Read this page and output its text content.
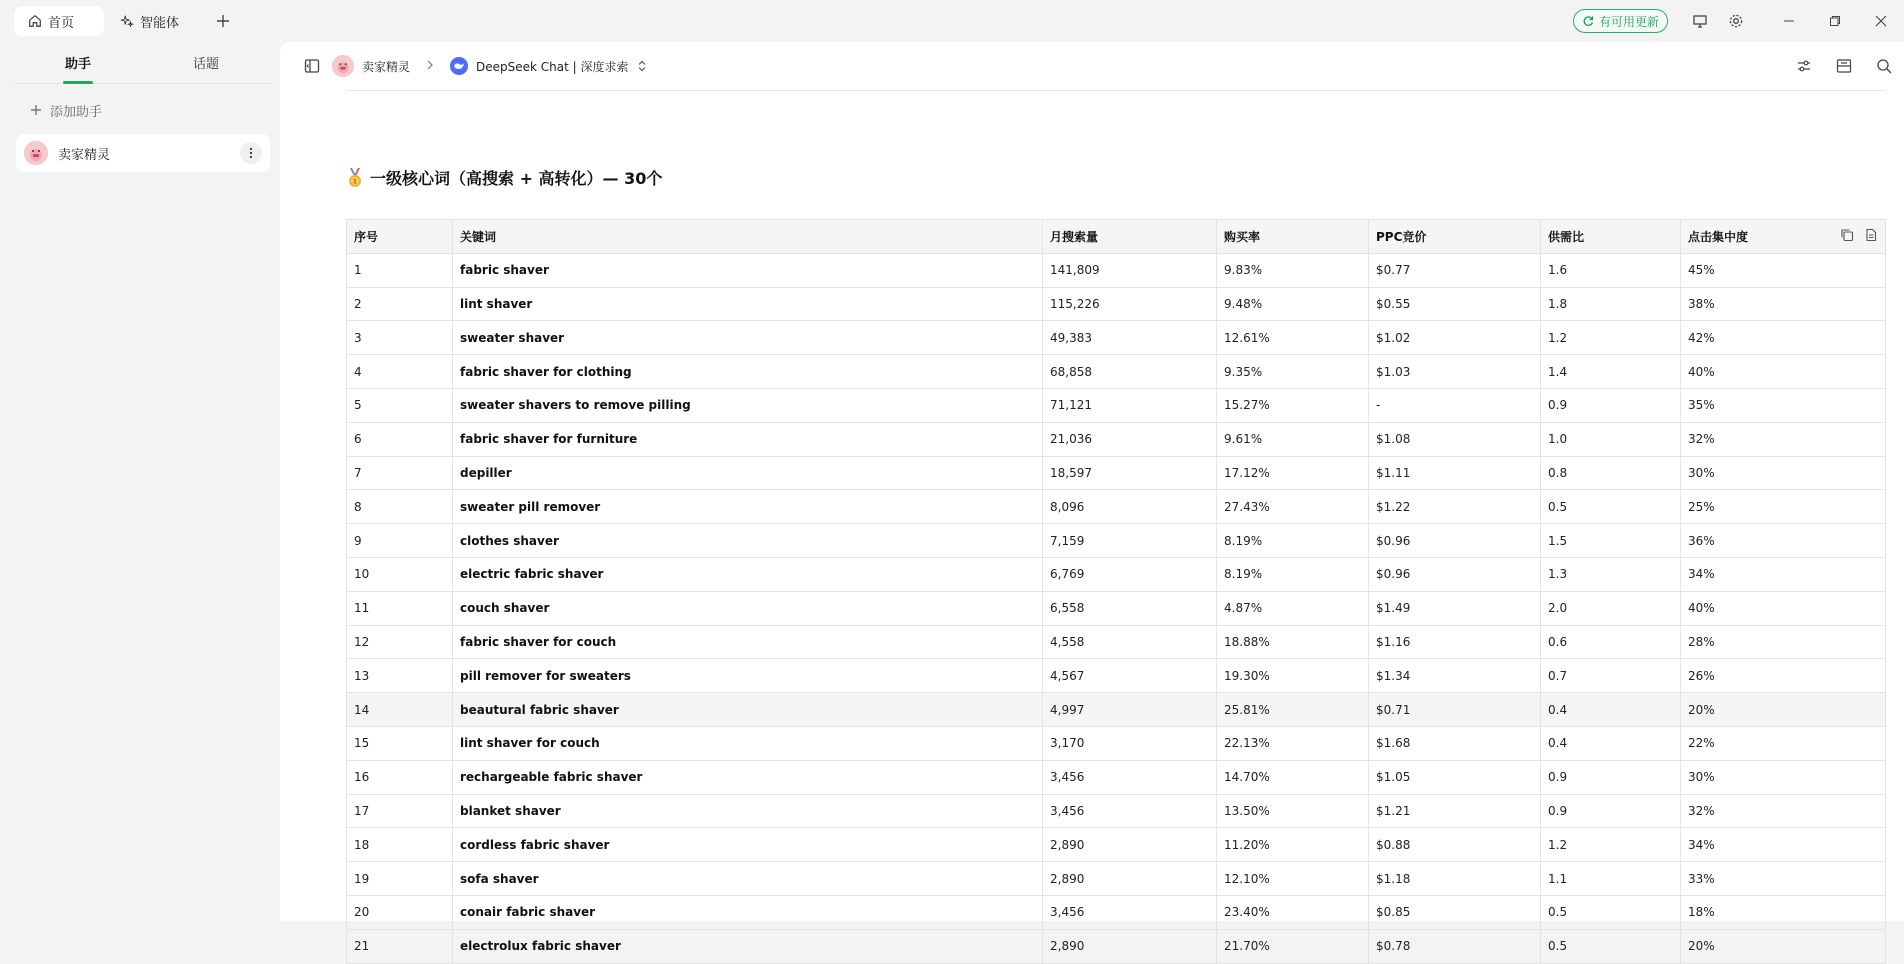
首页	智能体	有可用更新
助手	话题
添加助手
卖家精灵
卖家精灵	DeepSeek Chat | 深度求索
1 一级核心词（高搜索 + 高转化）— 30个
序号	关键词	月搜索量	购买率	PPC竞价	供需比	点击集中度

1	fabric shaver	141,809	9.83%	$0.77	1.6	45%
2	lint shaver	115,226	9.48%	$0.55	1.8	38%
3	sweater shaver	49,383	12.61%	$1.02	1.2	42%
4	fabric shaver for clothing	68,858	9.35%	$1.03	1.4	40%
5	sweater shavers to remove pilling	71,121	15.27%	-	0.9	35%
6	fabric shaver for furniture	21,036	9.61%	$1.08	1.0	32%
7	depiller	18,597	17.12%	$1.11	0.8	30%
8	sweater pill remover	8,096	27.43%	$1.22	0.5	25%
9	clothes shaver	7,159	8.19%	$0.96	1.5	36%
10	electric fabric shaver	6,769	8.19%	$0.96	1.3	34%
11	couch shaver	6,558	4.87%	$1.49	2.0	40%
12	fabric shaver for couch	4,558	18.88%	$1.16	0.6	28%
13	pill remover for sweaters	4,567	19.30%	$1.34	0.7	26%
14	beautural fabric shaver	4,997	25.81%	$0.71	0.4	20%
15	lint shaver for couch	3,170	22.13%	$1.68	0.4	22%
16	rechargeable fabric shaver	3,456	14.70%	$1.05	0.9	30%
17	blanket shaver	3,456	13.50%	$1.21	0.9	32%
18	cordless fabric shaver	2,890	11.20%	$0.88	1.2	34%
19	sofa shaver	2,890	12.10%	$1.18	1.1	33%
20	conair fabric shaver	3,456	23.40%	$0.85	0.5	18%
21	electrolux fabric shaver	2,890	21.70%	$0.78	0.5	20%
